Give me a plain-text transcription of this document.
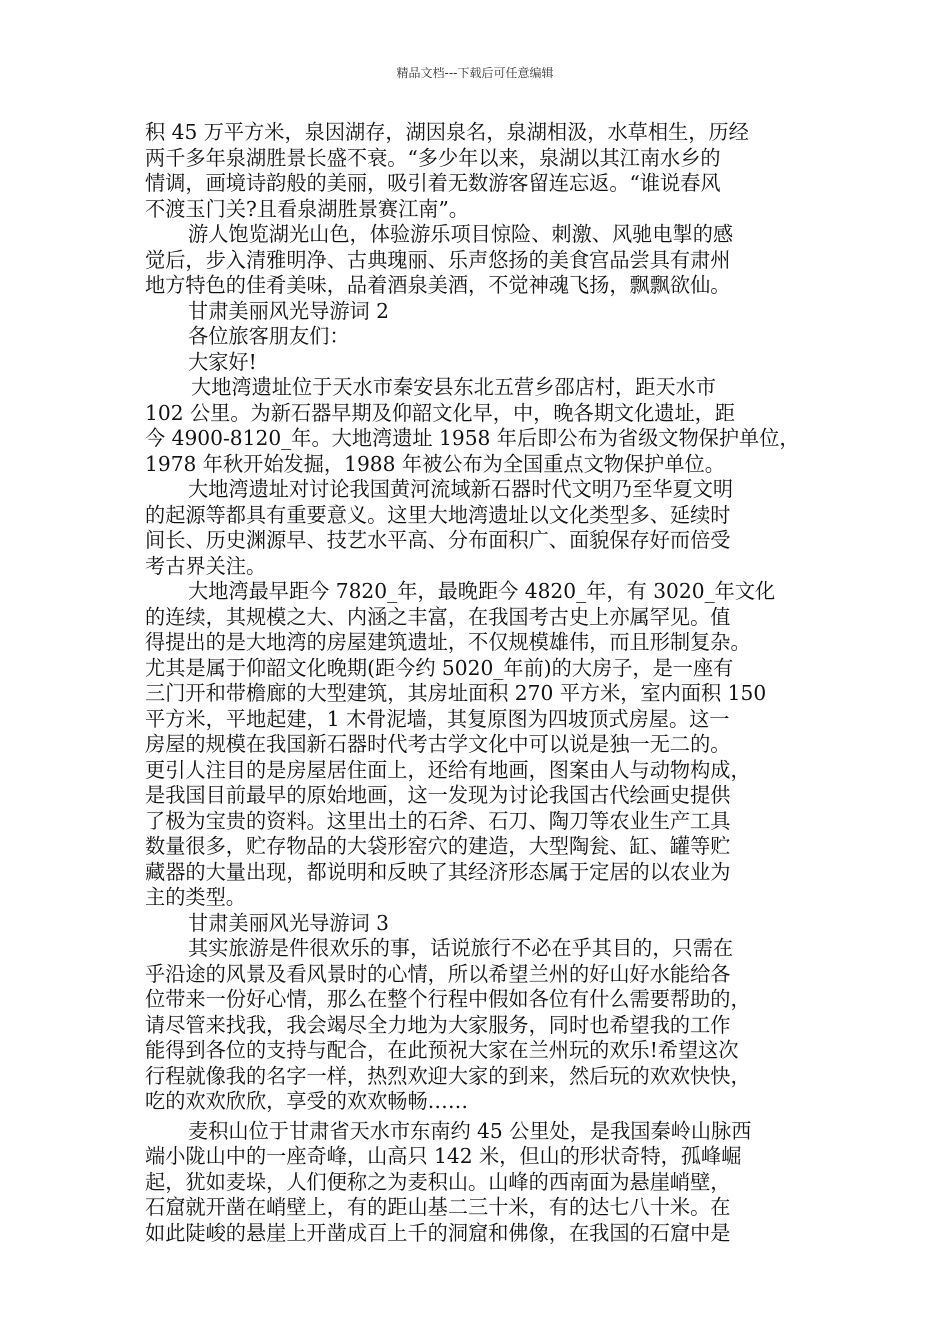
精品文档---下载后可任意编辑
积 45 万平方米，泉因湖存，湖因泉名，泉湖相汲，水草相生，历经
两千多年泉湖胜景长盛不衰。“多少年以来，泉湖以其江南水乡的
情调，画境诗韵般的美丽，吸引着无数游客留连忘返。“谁说春风
不渡玉门关?且看泉湖胜景赛江南”。
游人饱览湖光山色，体验游乐项目惊险、刺激、风驰电掣的感
觉后，步入清雅明净、古典瑰丽、乐声悠扬的美食宫品尝具有肃州
地方特色的佳肴美味，品着酒泉美酒，不觉神魂飞扬，飘飘欲仙。
甘肃美丽风光导游词 2
各位旅客朋友们：
大家好!
大地湾遗址位于天水市秦安县东北五营乡邵店村，距天水市
102 公里。为新石器早期及仰韶文化早，中，晚各期文化遗址，距
今 4900-8120_年。大地湾遗址 1958 年后即公布为省级文物保护单位，
1978 年秋开始发掘，1988 年被公布为全国重点文物保护单位。
大地湾遗址对讨论我国黄河流域新石器时代文明乃至华夏文明
的起源等都具有重要意义。这里大地湾遗址以文化类型多、延续时
间长、历史渊源早、技艺水平高、分布面积广、面貌保存好而倍受
考古界关注。
大地湾最早距今 7820_年，最晚距今 4820_年，有 3020_年文化
的连续，其规模之大、内涵之丰富，在我国考古史上亦属罕见。值
得提出的是大地湾的房屋建筑遗址，不仅规模雄伟，而且形制复杂。
尤其是属于仰韶文化晚期(距今约 5020_年前)的大房子，是一座有
三门开和带檐廊的大型建筑，其房址面积 270 平方米，室内面积 150
平方米，平地起建，1 木骨泥墙，其复原图为四坡顶式房屋。这一
房屋的规模在我国新石器时代考古学文化中可以说是独一无二的。
更引人注目的是房屋居住面上，还给有地画，图案由人与动物构成，
是我国目前最早的原始地画，这一发现为讨论我国古代绘画史提供
了极为宝贵的资料。这里出土的石斧、石刀、陶刀等农业生产工具
数量很多，贮存物品的大袋形窑穴的建造，大型陶瓮、缸、罐等贮
藏器的大量出现，都说明和反映了其经济形态属于定居的以农业为
主的类型。
甘肃美丽风光导游词 3
其实旅游是件很欢乐的事，话说旅行不必在乎其目的，只需在
乎沿途的风景及看风景时的心情，所以希望兰州的好山好水能给各
位带来一份好心情，那么在整个行程中假如各位有什么需要帮助的，
请尽管来找我，我会竭尽全力地为大家服务，同时也希望我的工作
能得到各位的支持与配合，在此预祝大家在兰州玩的欢乐!希望这次
行程就像我的名字一样，热烈欢迎大家的到来，然后玩的欢欢快快，
吃的欢欢欣欣，享受的欢欢畅畅……
麦积山位于甘肃省天水市东南约 45 公里处，是我国秦岭山脉西
端小陇山中的一座奇峰，山高只 142 米，但山的形状奇特，孤峰崛
起，犹如麦垛，人们便称之为麦积山。山峰的西南面为悬崖峭壁，
石窟就开凿在峭壁上，有的距山基二三十米，有的达七八十米。在
如此陡峻的悬崖上开凿成百上千的洞窟和佛像，在我国的石窟中是
